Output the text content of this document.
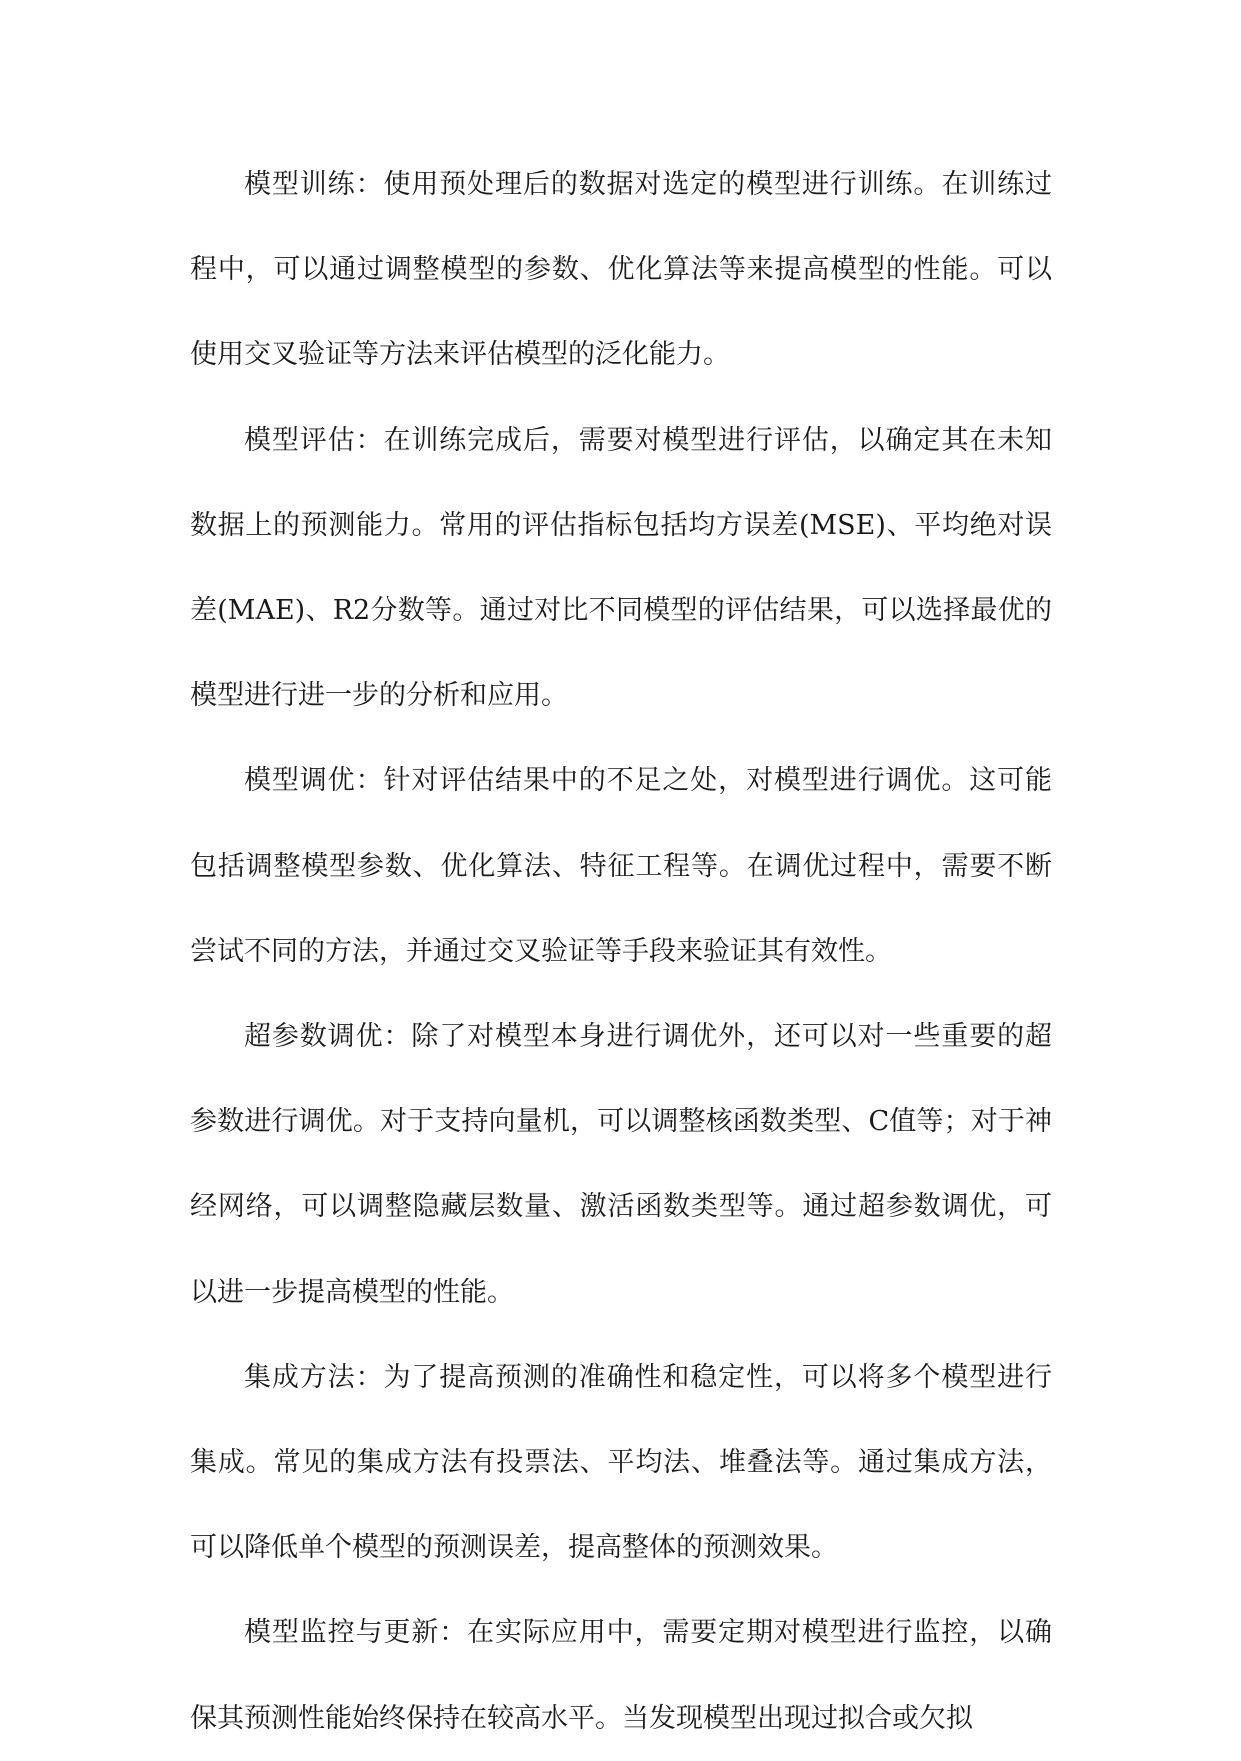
模型训练：使用预处理后的数据对选定的模型进行训练。在训练过程中，可以通过调整模型的参数、优化算法等来提高模型的性能。可以使用交叉验证等方法来评估模型的泛化能力。

模型评估：在训练完成后，需要对模型进行评估，以确定其在未知数据上的预测能力。常用的评估指标包括均方误差(MSE)、平均绝对误差(MAE)、R2分数等。通过对比不同模型的评估结果，可以选择最优的模型进行进一步的分析和应用。

模型调优：针对评估结果中的不足之处，对模型进行调优。这可能包括调整模型参数、优化算法、特征工程等。在调优过程中，需要不断尝试不同的方法，并通过交叉验证等手段来验证其有效性。

超参数调优：除了对模型本身进行调优外，还可以对一些重要的超参数进行调优。对于支持向量机，可以调整核函数类型、C值等；对于神经网络，可以调整隐藏层数量、激活函数类型等。通过超参数调优，可以进一步提高模型的性能。

集成方法：为了提高预测的准确性和稳定性，可以将多个模型进行集成。常见的集成方法有投票法、平均法、堆叠法等。通过集成方法，可以降低单个模型的预测误差，提高整体的预测效果。

模型监控与更新：在实际应用中，需要定期对模型进行监控，以确保其预测性能始终保持在较高水平。当发现模型出现过拟合或欠拟
